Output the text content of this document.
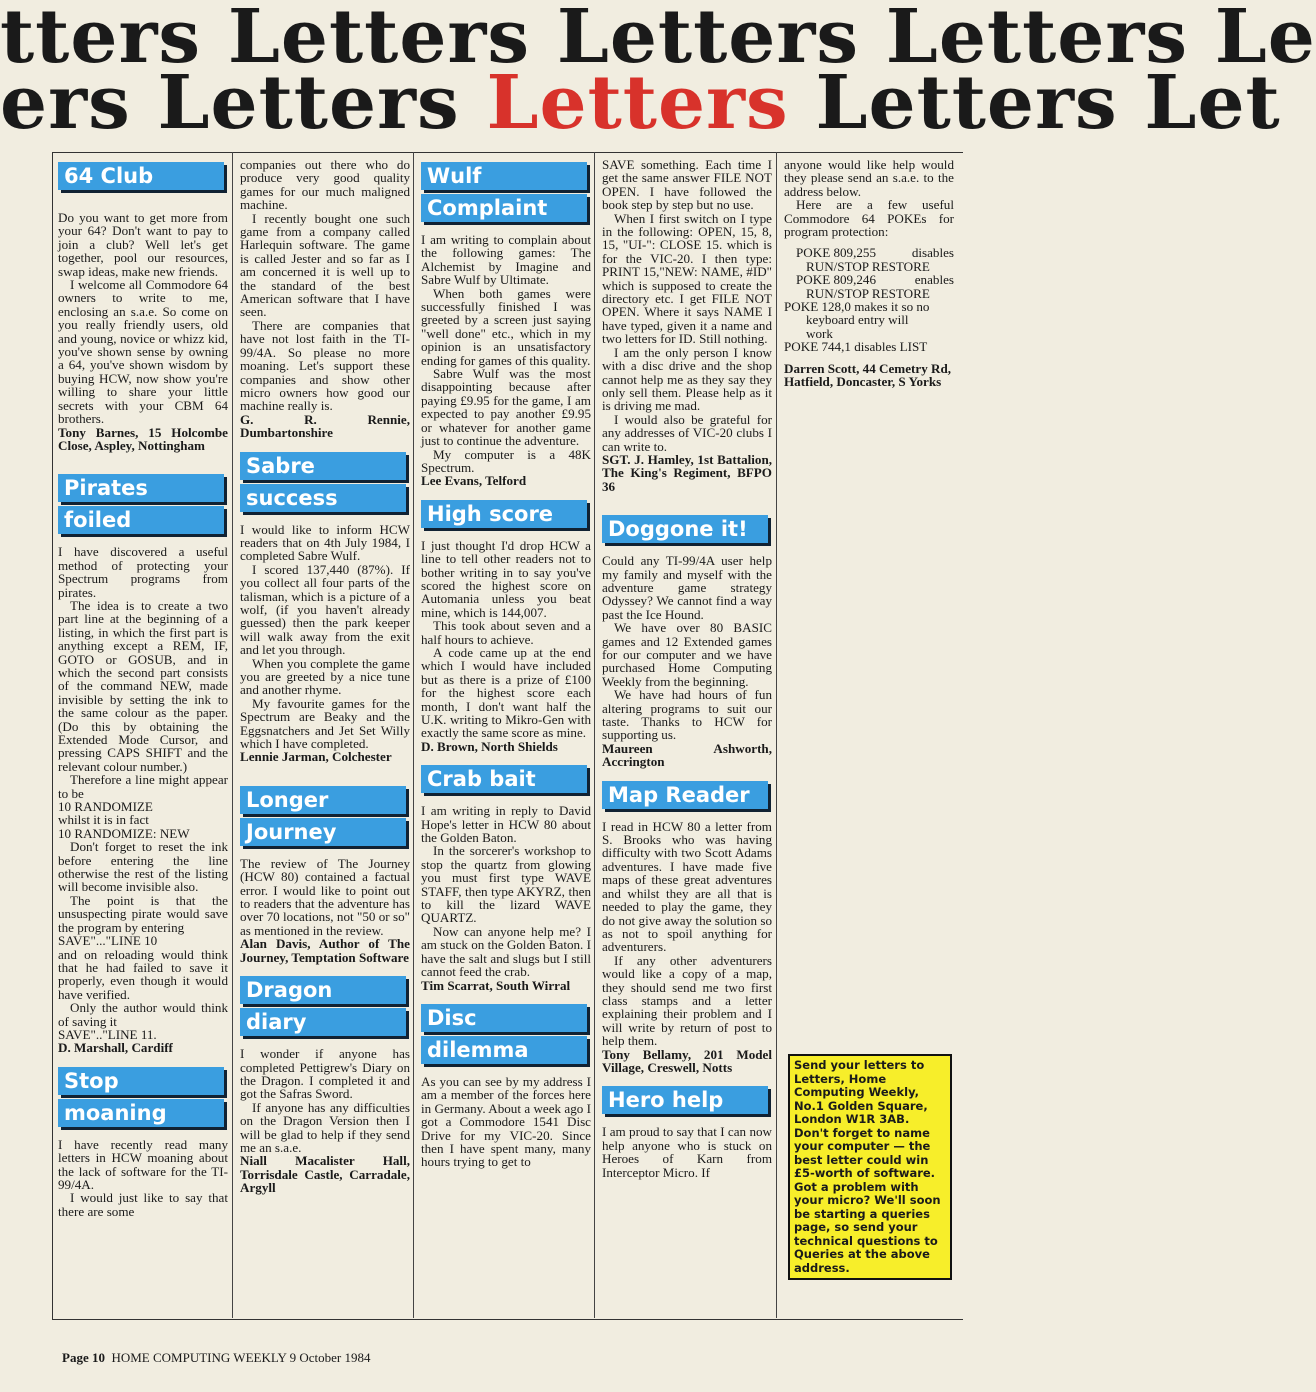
tters Letters Letters Letters Le
ers Letters Letters Letters Let
64 Club

Do you want to get more from your 64? Don't want to pay to join a club? Well let's get together, pool our resources, swap ideas, make new friends.

I welcome all Commodore 64 owners to write to me, enclosing an s.a.e. So come on you really friendly users, old and young, novice or whizz kid, you've shown sense by owning a 64, you've shown wisdom by buying HCW, now show you're willing to share your little secrets with your CBM 64 brothers.

Tony Barnes, 15 Holcombe Close, Aspley, Nottingham

Pirates
foiled

I have discovered a useful method of protecting your Spectrum programs from pirates.

The idea is to create a two part line at the beginning of a listing, in which the first part is anything except a REM, IF, GOTO or GOSUB, and in which the second part consists of the command NEW, made invisible by setting the ink to the same colour as the paper. (Do this by obtaining the Extended Mode Cursor, and pressing CAPS SHIFT and the relevant colour number.)

Therefore a line might appear to be

10 RANDOMIZE

whilst it is in fact

10 RANDOMIZE: NEW

Don't forget to reset the ink before entering the line otherwise the rest of the listing will become invisible also.

The point is that the unsuspecting pirate would save the program by entering

SAVE"..."LINE 10

and on reloading would think that he had failed to save it properly, even though it would have verified.

Only the author would think of saving it

SAVE".."LINE 11.

D. Marshall, Cardiff

Stop
moaning

I have recently read many letters in HCW moaning about the lack of software for the TI-99/4A.

I would just like to say that there are some

companies out there who do produce very good quality games for our much maligned machine.

I recently bought one such game from a company called Harlequin software. The game is called Jester and so far as I am concerned it is well up to the standard of the best American software that I have seen.

There are companies that have not lost faith in the TI-99/4A. So please no more moaning. Let's support these companies and show other micro owners how good our machine really is.

G. R. Rennie, Dumbartonshire

Sabre
success

I would like to inform HCW readers that on 4th July 1984, I completed Sabre Wulf.

I scored 137,440 (87%). If you collect all four parts of the talisman, which is a picture of a wolf, (if you haven't already guessed) then the park keeper will walk away from the exit and let you through.

When you complete the game you are greeted by a nice tune and another rhyme.

My favourite games for the Spectrum are Beaky and the Eggsnatchers and Jet Set Willy which I have completed.

Lennie Jarman, Colchester

Longer
Journey

The review of The Journey (HCW 80) contained a factual error. I would like to point out to readers that the adventure has over 70 locations, not "50 or so" as mentioned in the review.

Alan Davis, Author of The Journey, Temptation Software

Dragon
diary

I wonder if anyone has completed Pettigrew's Diary on the Dragon. I completed it and got the Safras Sword.

If anyone has any difficulties on the Dragon Version then I will be glad to help if they send me an s.a.e.

Niall Macalister Hall, Torrisdale Castle, Carradale, Argyll

Wulf
Complaint

I am writing to complain about the following games: The Alchemist by Imagine and Sabre Wulf by Ultimate.

When both games were successfully finished I was greeted by a screen just saying "well done" etc., which in my opinion is an unsatisfactory ending for games of this quality.

Sabre Wulf was the most disappointing because after paying £9.95 for the game, I am expected to pay another £9.95 or whatever for another game just to continue the adventure.

My computer is a 48K Spectrum.

Lee Evans, Telford

High score

I just thought I'd drop HCW a line to tell other readers not to bother writing in to say you've scored the highest score on Automania unless you beat mine, which is 144,007.

This took about seven and a half hours to achieve.

A code came up at the end which I would have included but as there is a prize of £100 for the highest score each month, I don't want half the U.K. writing to Mikro-Gen with exactly the same score as mine.

D. Brown, North Shields

Crab bait

I am writing in reply to David Hope's letter in HCW 80 about the Golden Baton.

In the sorcerer's workshop to stop the quartz from glowing you must first type WAVE STAFF, then type AKYRZ, then to kill the lizard WAVE QUARTZ.

Now can anyone help me? I am stuck on the Golden Baton. I have the salt and slugs but I still cannot feed the crab.

Tim Scarrat, South Wirral

Disc
dilemma

As you can see by my address I am a member of the forces here in Germany. About a week ago I got a Commodore 1541 Disc Drive for my VIC-20. Since then I have spent many, many hours trying to get to

SAVE something. Each time I get the same answer FILE NOT OPEN. I have followed the book step by step but no use.

When I first switch on I type in the following: OPEN, 15, 8, 15, "UI-": CLOSE 15. which is for the VIC-20. I then type: PRINT 15,"NEW: NAME, #ID" which is supposed to create the directory etc. I get FILE NOT OPEN. Where it says NAME I have typed, given it a name and two letters for ID. Still nothing.

I am the only person I know with a disc drive and the shop cannot help me as they say they only sell them. Please help as it is driving me mad.

I would also be grateful for any addresses of VIC-20 clubs I can write to.

SGT. J. Hamley, 1st Battalion, The King's Regiment, BFPO 36

Doggone it!

Could any TI-99/4A user help my family and myself with the adventure game strategy Odyssey? We cannot find a way past the Ice Hound.

We have over 80 BASIC games and 12 Extended games for our computer and we have purchased Home Computing Weekly from the beginning.

We have had hours of fun altering programs to suit our taste. Thanks to HCW for supporting us.

Maureen Ashworth, Accrington

Map Reader

I read in HCW 80 a letter from S. Brooks who was having difficulty with two Scott Adams adventures. I have made five maps of these great adventures and whilst they are all that is needed to play the game, they do not give away the solution so as not to spoil anything for adventurers.

If any other adventurers would like a copy of a map, they should send me two first class stamps and a letter explaining their problem and I will write by return of post to help them.

Tony Bellamy, 201 Model Village, Creswell, Notts

Hero help

I am proud to say that I can now help anyone who is stuck on Heroes of Karn from Interceptor Micro. If

anyone would like help would they please send an s.a.e. to the address below.

Here are a few useful Commodore 64 POKEs for program protection:

POKE 809,255	disables

RUN/STOP RESTORE

POKE 809,246	enables

RUN/STOP RESTORE

POKE 128,0 makes it so no

keyboard entry will

work

POKE 744,1 disables LIST

Darren Scott, 44 Cemetry Rd, Hatfield, Doncaster, S Yorks

Send your letters to Letters, Home Computing Weekly, No.1 Golden Square, London W1R 3AB. Don't forget to name your computer — the best letter could win £5-worth of software. Got a problem with your micro? We'll soon be starting a queries page, so send your technical questions to Queries at the above address.
Page 10 HOME COMPUTING WEEKLY 9 October 1984
